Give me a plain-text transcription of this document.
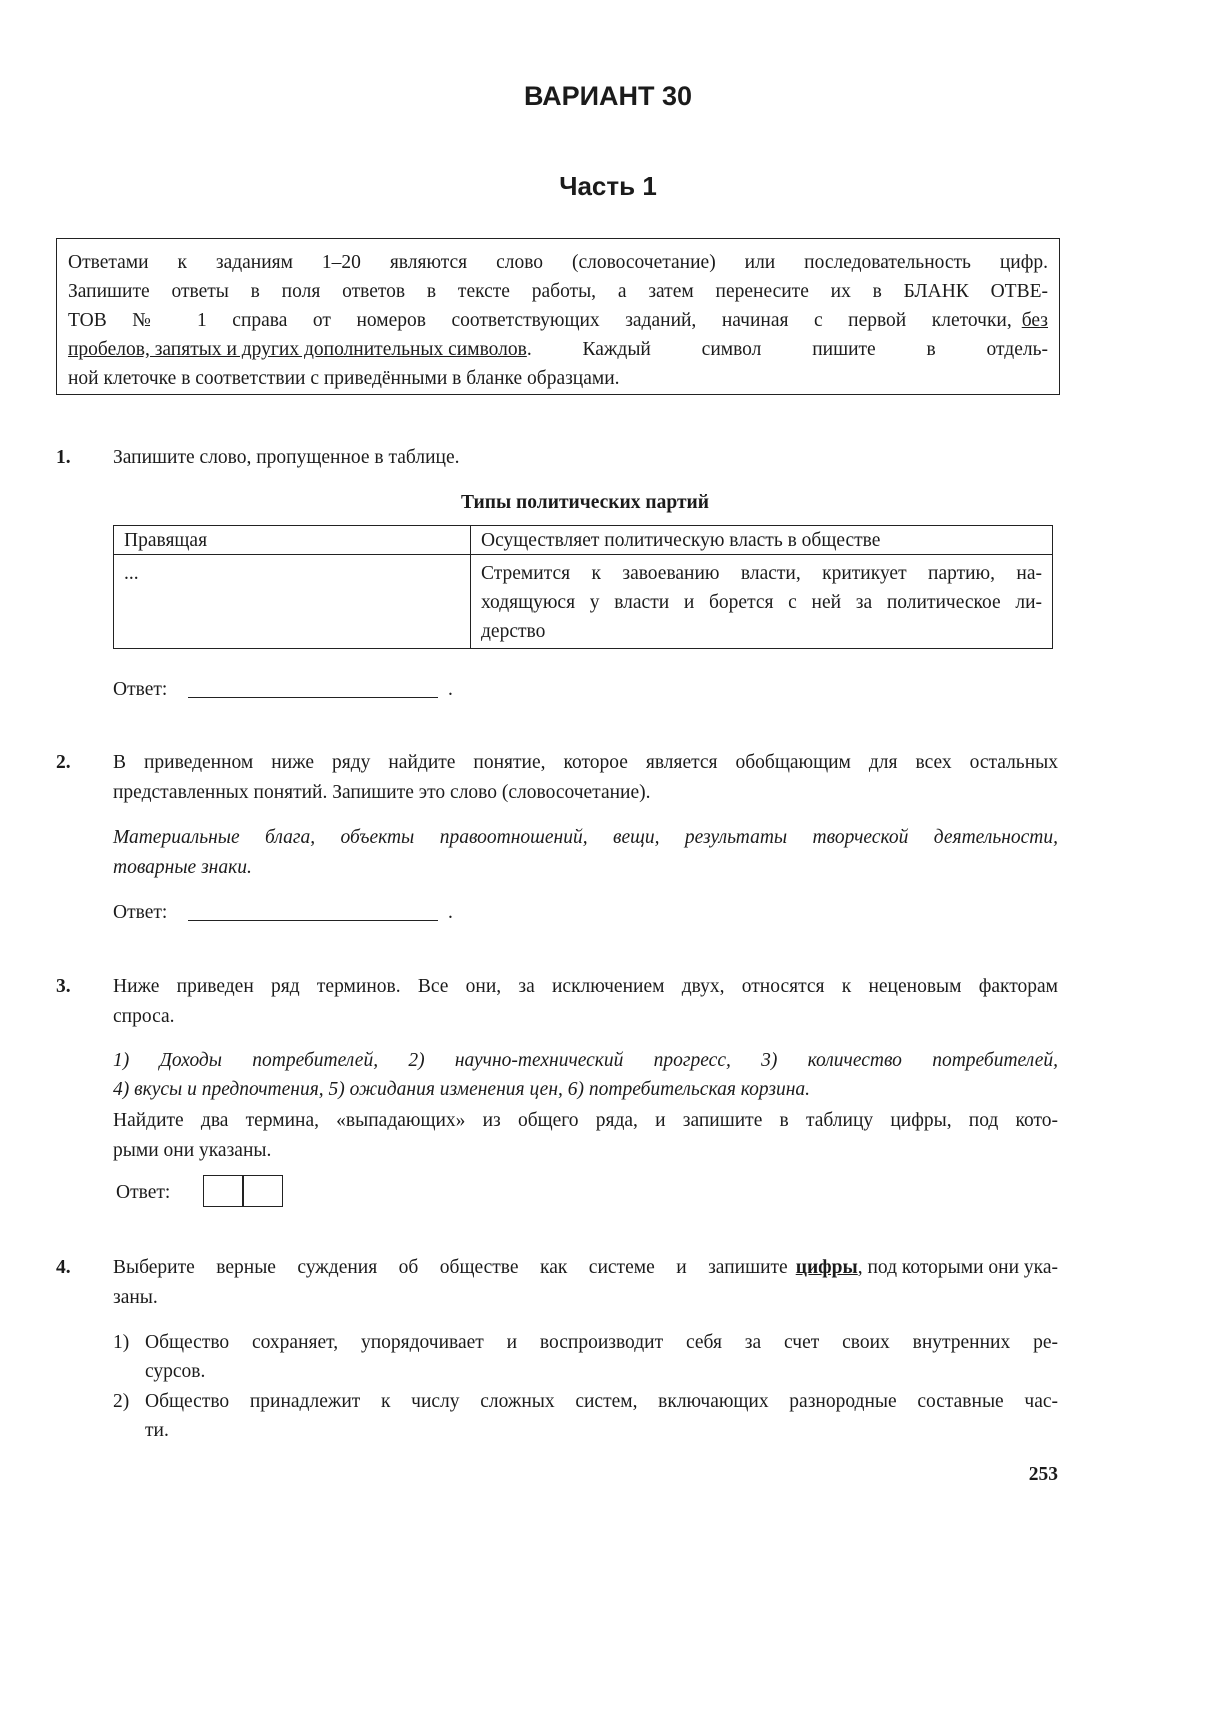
ВАРИАНТ 30
Часть 1
Ответами к заданиям 1–20 являются слово (словосочетание) или последовательность цифр.
Запишите ответы в поля ответов в тексте работы, а затем перенесите их в БЛАНК ОТВЕ-
ТОВ № 1 справа от номеров соответствующих заданий, начиная с первой клеточки, без
пробелов, запятых и других дополнительных символов . Каждый символ пишите в отдель-
ной клеточке в соответствии с приведёнными в бланке образцами.
1. Запишите слово, пропущенное в таблице.
Типы политических партий
Правящая	Осуществляет политическую власть в обществе
...	Стремится к завоеванию власти, критикует партию, на-
ходящуюся у власти и борется с ней за политическое ли-
дерство
Ответ:	.
2. В приведенном ниже ряду найдите понятие, которое является обобщающим для всех остальных
представленных понятий. Запишите это слово (словосочетание).
Материальные блага, объекты правоотношений, вещи, результаты творческой деятельности,
товарные знаки.
Ответ:	.
3. Ниже приведен ряд терминов. Все они, за исключением двух, относятся к неценовым факторам
спроса.
1) Доходы потребителей, 2) научно-технический прогресс, 3) количество потребителей,
4) вкусы и предпочтения, 5) ожидания изменения цен, 6) потребительская корзина.
Найдите два термина, «выпадающих» из общего ряда, и запишите в таблицу цифры, под кото-
рыми они указаны.
Ответ:
4. Выберите верные суждения об обществе как системе и запишите цифры , под которыми они ука-
заны.
1) Общество сохраняет, упорядочивает и воспроизводит себя за счет своих внутренних ре-
сурсов.
2) Общество принадлежит к числу сложных систем, включающих разнородные составные час-
ти.
253
